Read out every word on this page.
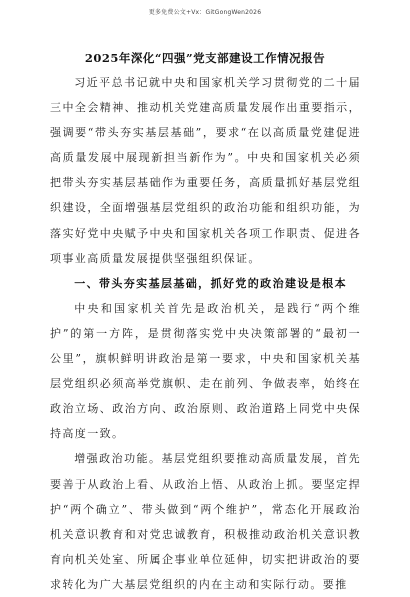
更多免费公文+Vx：GitGongWen2026
2025年深化“四强”党支部建设工作情况报告

习近平总书记就中央和国家机关学习贯彻党的二十届三中全会精神、推动机关党建高质量发展作出重要指示，强调要“带头夯实基层基础”，要求“在以高质量党建促进高质量发展中展现新担当新作为”。中央和国家机关必须把带头夯实基层基础作为重要任务，高质量抓好基层党组织建设，全面增强基层党组织的政治功能和组织功能，为落实好党中央赋予中央和国家机关各项工作职责、促进各项事业高质量发展提供坚强组织保证。

一、带头夯实基层基础，抓好党的政治建设是根本

中央和国家机关首先是政治机关，是践行“两个维护”的第一方阵，是贯彻落实党中央决策部署的“最初一公里”，旗帜鲜明讲政治是第一要求，中央和国家机关基层党组织必须高举党旗帜、走在前列、争做表率，始终在政治立场、政治方向、政治原则、政治道路上同党中央保持高度一致。

增强政治功能。基层党组织要推动高质量发展，首先要善于从政治上看、从政治上悟、从政治上抓。要坚定捍护“两个确立”、带头做到“两个维护”，常态化开展政治机关意识教育和对党忠诚教育，积极推动政治机关意识教育向机关处室、所属企事业单位延伸，切实把讲政治的要求转化为广大基层党组织的内在主动和实际行动。要推
